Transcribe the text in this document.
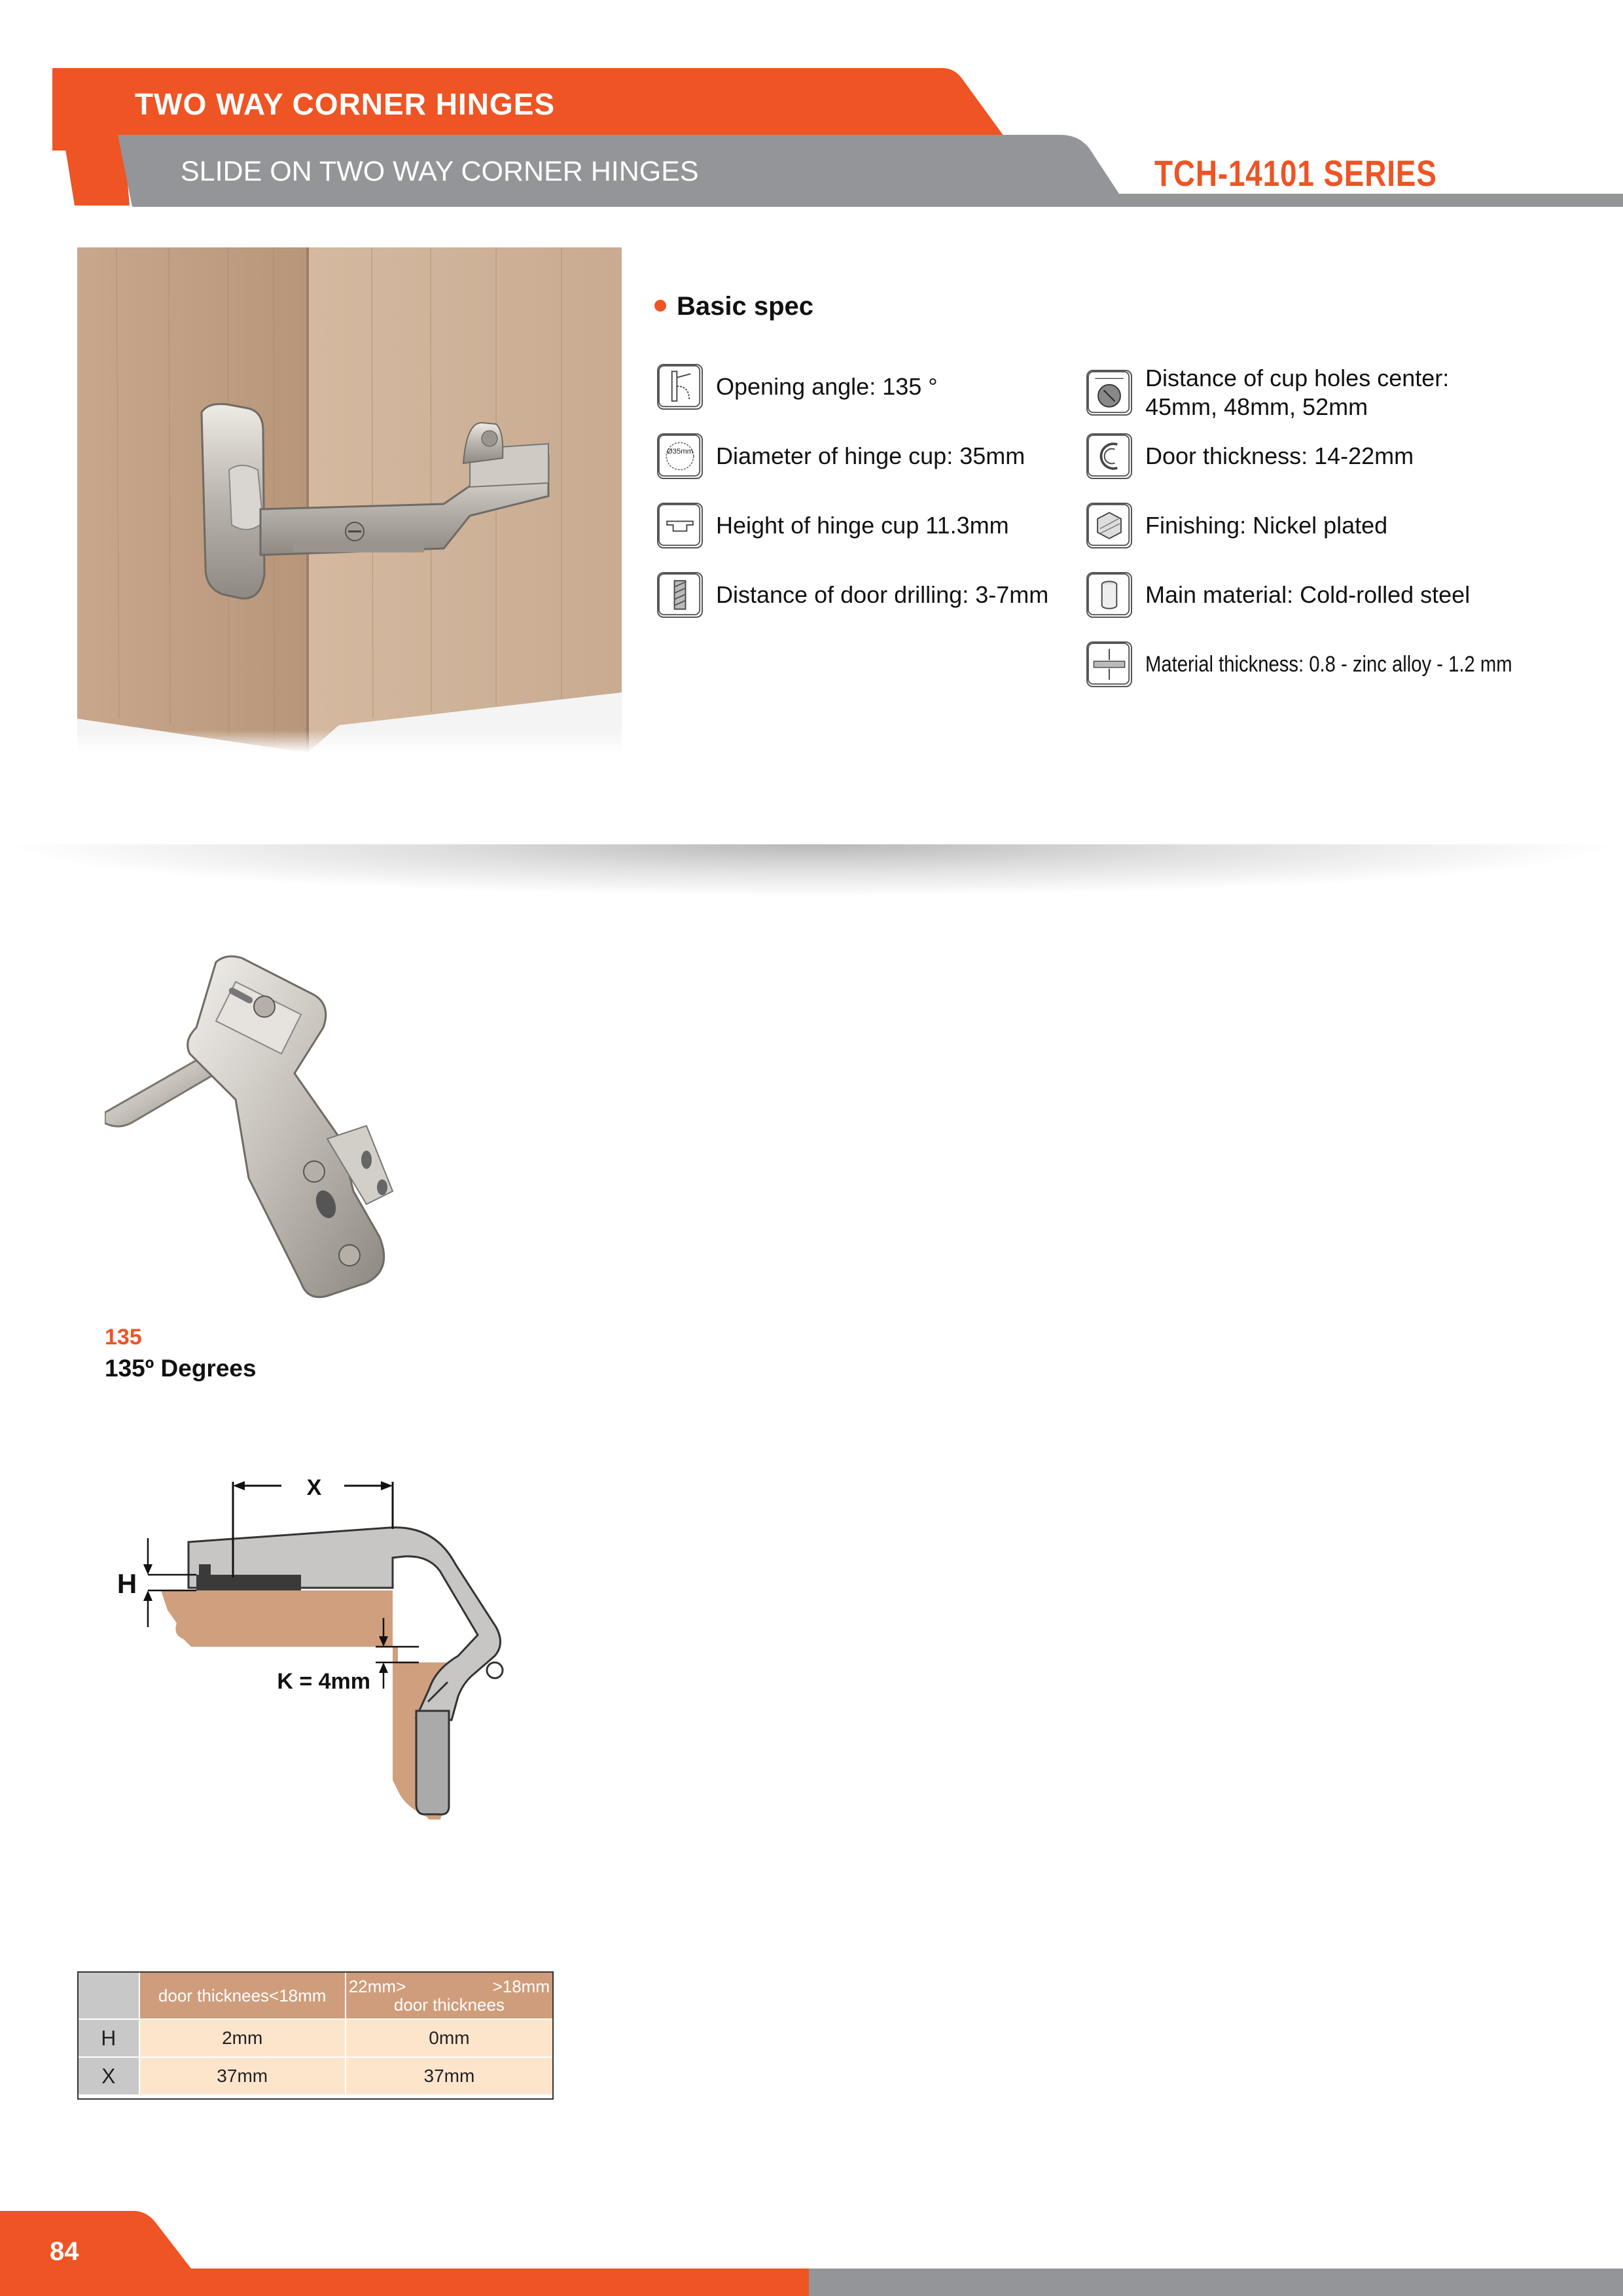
TWO WAY CORNER HINGES
SLIDE ON TWO WAY CORNER HINGES	TCH-14101 SERIES
Basic spec
Opening angle: 135 °
Ø35mm Diameter of hinge cup: 35mm
Height of hinge cup 11.3mm
Distance of door drilling: 3-7mm
Distance of cup holes center:
45mm, 48mm, 52mm
Door thickness: 14-22mm
Finishing: Nickel plated
Main material: Cold-rolled steel
Material thickness: 0.8 - zinc alloy - 1.2 mm
135
135º Degrees
X
H
K = 4mm
	door thicknees<18mm	22mm> >18mm
door thicknees

H	2mm	0mm
X	37mm	37mm
84
